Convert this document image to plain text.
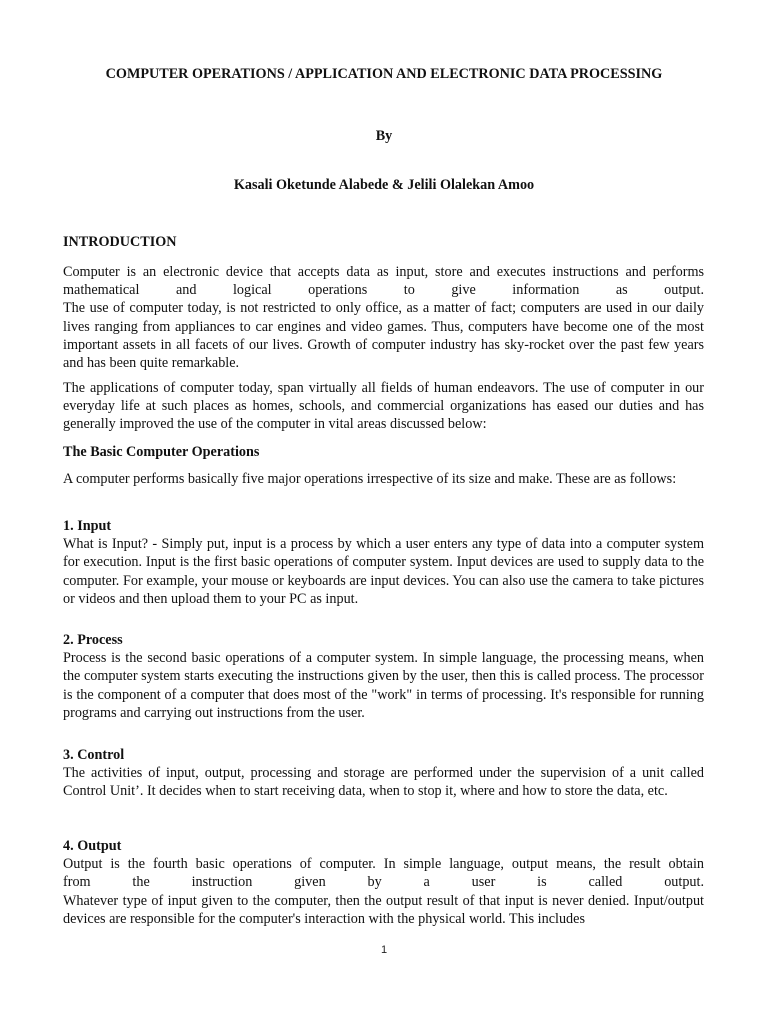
COMPUTER OPERATIONS / APPLICATION AND ELECTRONIC DATA PROCESSING
By
Kasali Oketunde Alabede & Jelili Olalekan Amoo
INTRODUCTION
Computer is an electronic device that accepts data as input, store and executes instructions and performs
mathematical and logical operations to give information as output.

The use of computer today, is not restricted to only office, as a matter of fact; computers are used in our daily lives ranging from appliances to car engines and video games. Thus, computers have become one of the most important assets in all facets of our lives. Growth of computer industry has sky-rocket over the past few years and has been quite remarkable.

The applications of computer today, span virtually all fields of human endeavors. The use of computer in our everyday life at such places as homes, schools, and commercial organizations has eased our duties and has generally improved the use of the computer in vital areas discussed below:

The Basic Computer Operations

A computer performs basically five major operations irrespective of its size and make. These are as follows:

1. Input

What is Input? - Simply put, input is a process by which a user enters any type of data into a computer system for execution. Input is the first basic operations of computer system. Input devices are used to supply data to the computer. For example, your mouse or keyboards are input devices. You can also use the camera to take pictures or videos and then upload them to your PC as input.

2. Process

Process is the second basic operations of a computer system. In simple language, the processing means, when the computer system starts executing the instructions given by the user, then this is called process. The processor is the component of a computer that does most of the "work" in terms of processing. It's responsible for running programs and carrying out instructions from the user.

3. Control

The activities of input, output, processing and storage are performed under the supervision of a unit called Control Unit’. It decides when to start receiving data, when to stop it, where and how to store the data, etc.

4. Output
Output is the fourth basic operations of computer. In simple language, output means, the result obtain
from the instruction given by a user is called output.

Whatever type of input given to the computer, then the output result of that input is never denied. Input/output devices are responsible for the computer's interaction with the physical world. This includes

1
